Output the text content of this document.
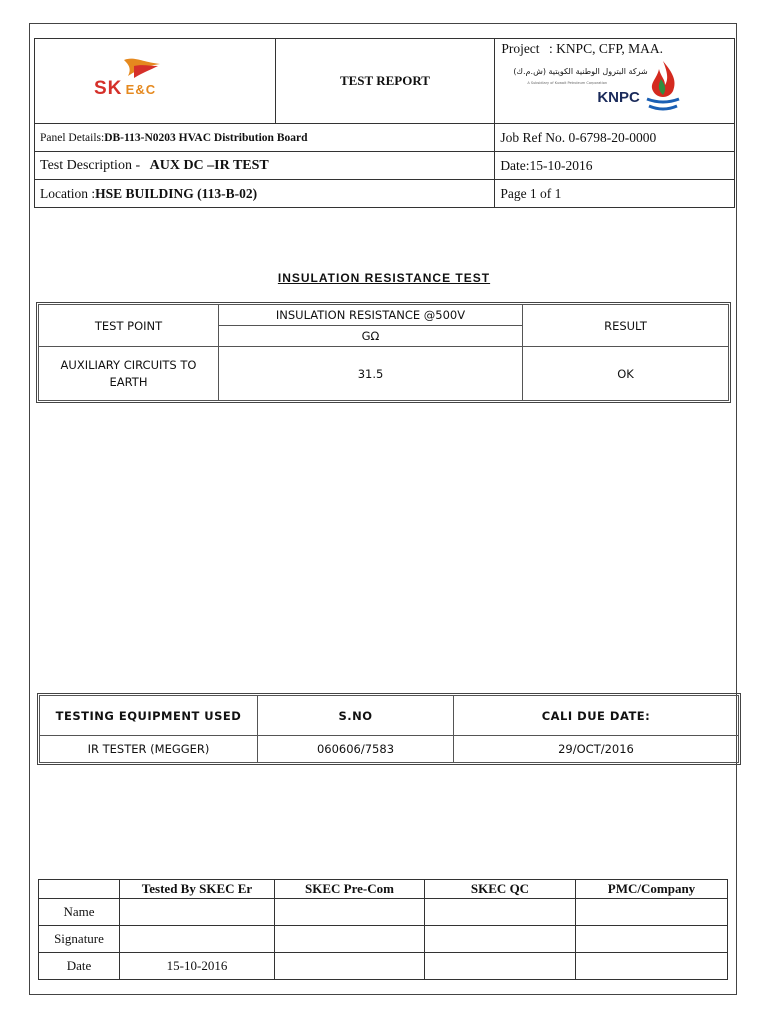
SK E&C	TEST REPORT	Project : KNPC, CFP, MAA.
شركة البترول الوطنية الكويتية (ش.م.ك)
A Subsidiary of Kuwait Petroleum Corporation
KNPC

Panel Details:DB-113-N0203 HVAC Distribution Board		Job Ref No. 0-6798-20-0000
Test Description - AUX DC –IR TEST		Date:15-10-2016
Location :HSE BUILDING (113-B-02)		Page 1 of 1
INSULATION RESISTANCE TEST
TEST POINT	INSULATION RESISTANCE @500V	RESULT
	GΩ	
AUXILIARY CIRCUITS TO EARTH	31.5	OK
TESTING EQUIPMENT USED	S.NO	CALI DUE DATE:
IR TESTER (MEGGER)	060606/7583	29/OCT/2016
	Tested By SKEC Er	SKEC Pre-Com	SKEC QC	PMC/Company
Name				
Signature				
Date	15-10-2016			
